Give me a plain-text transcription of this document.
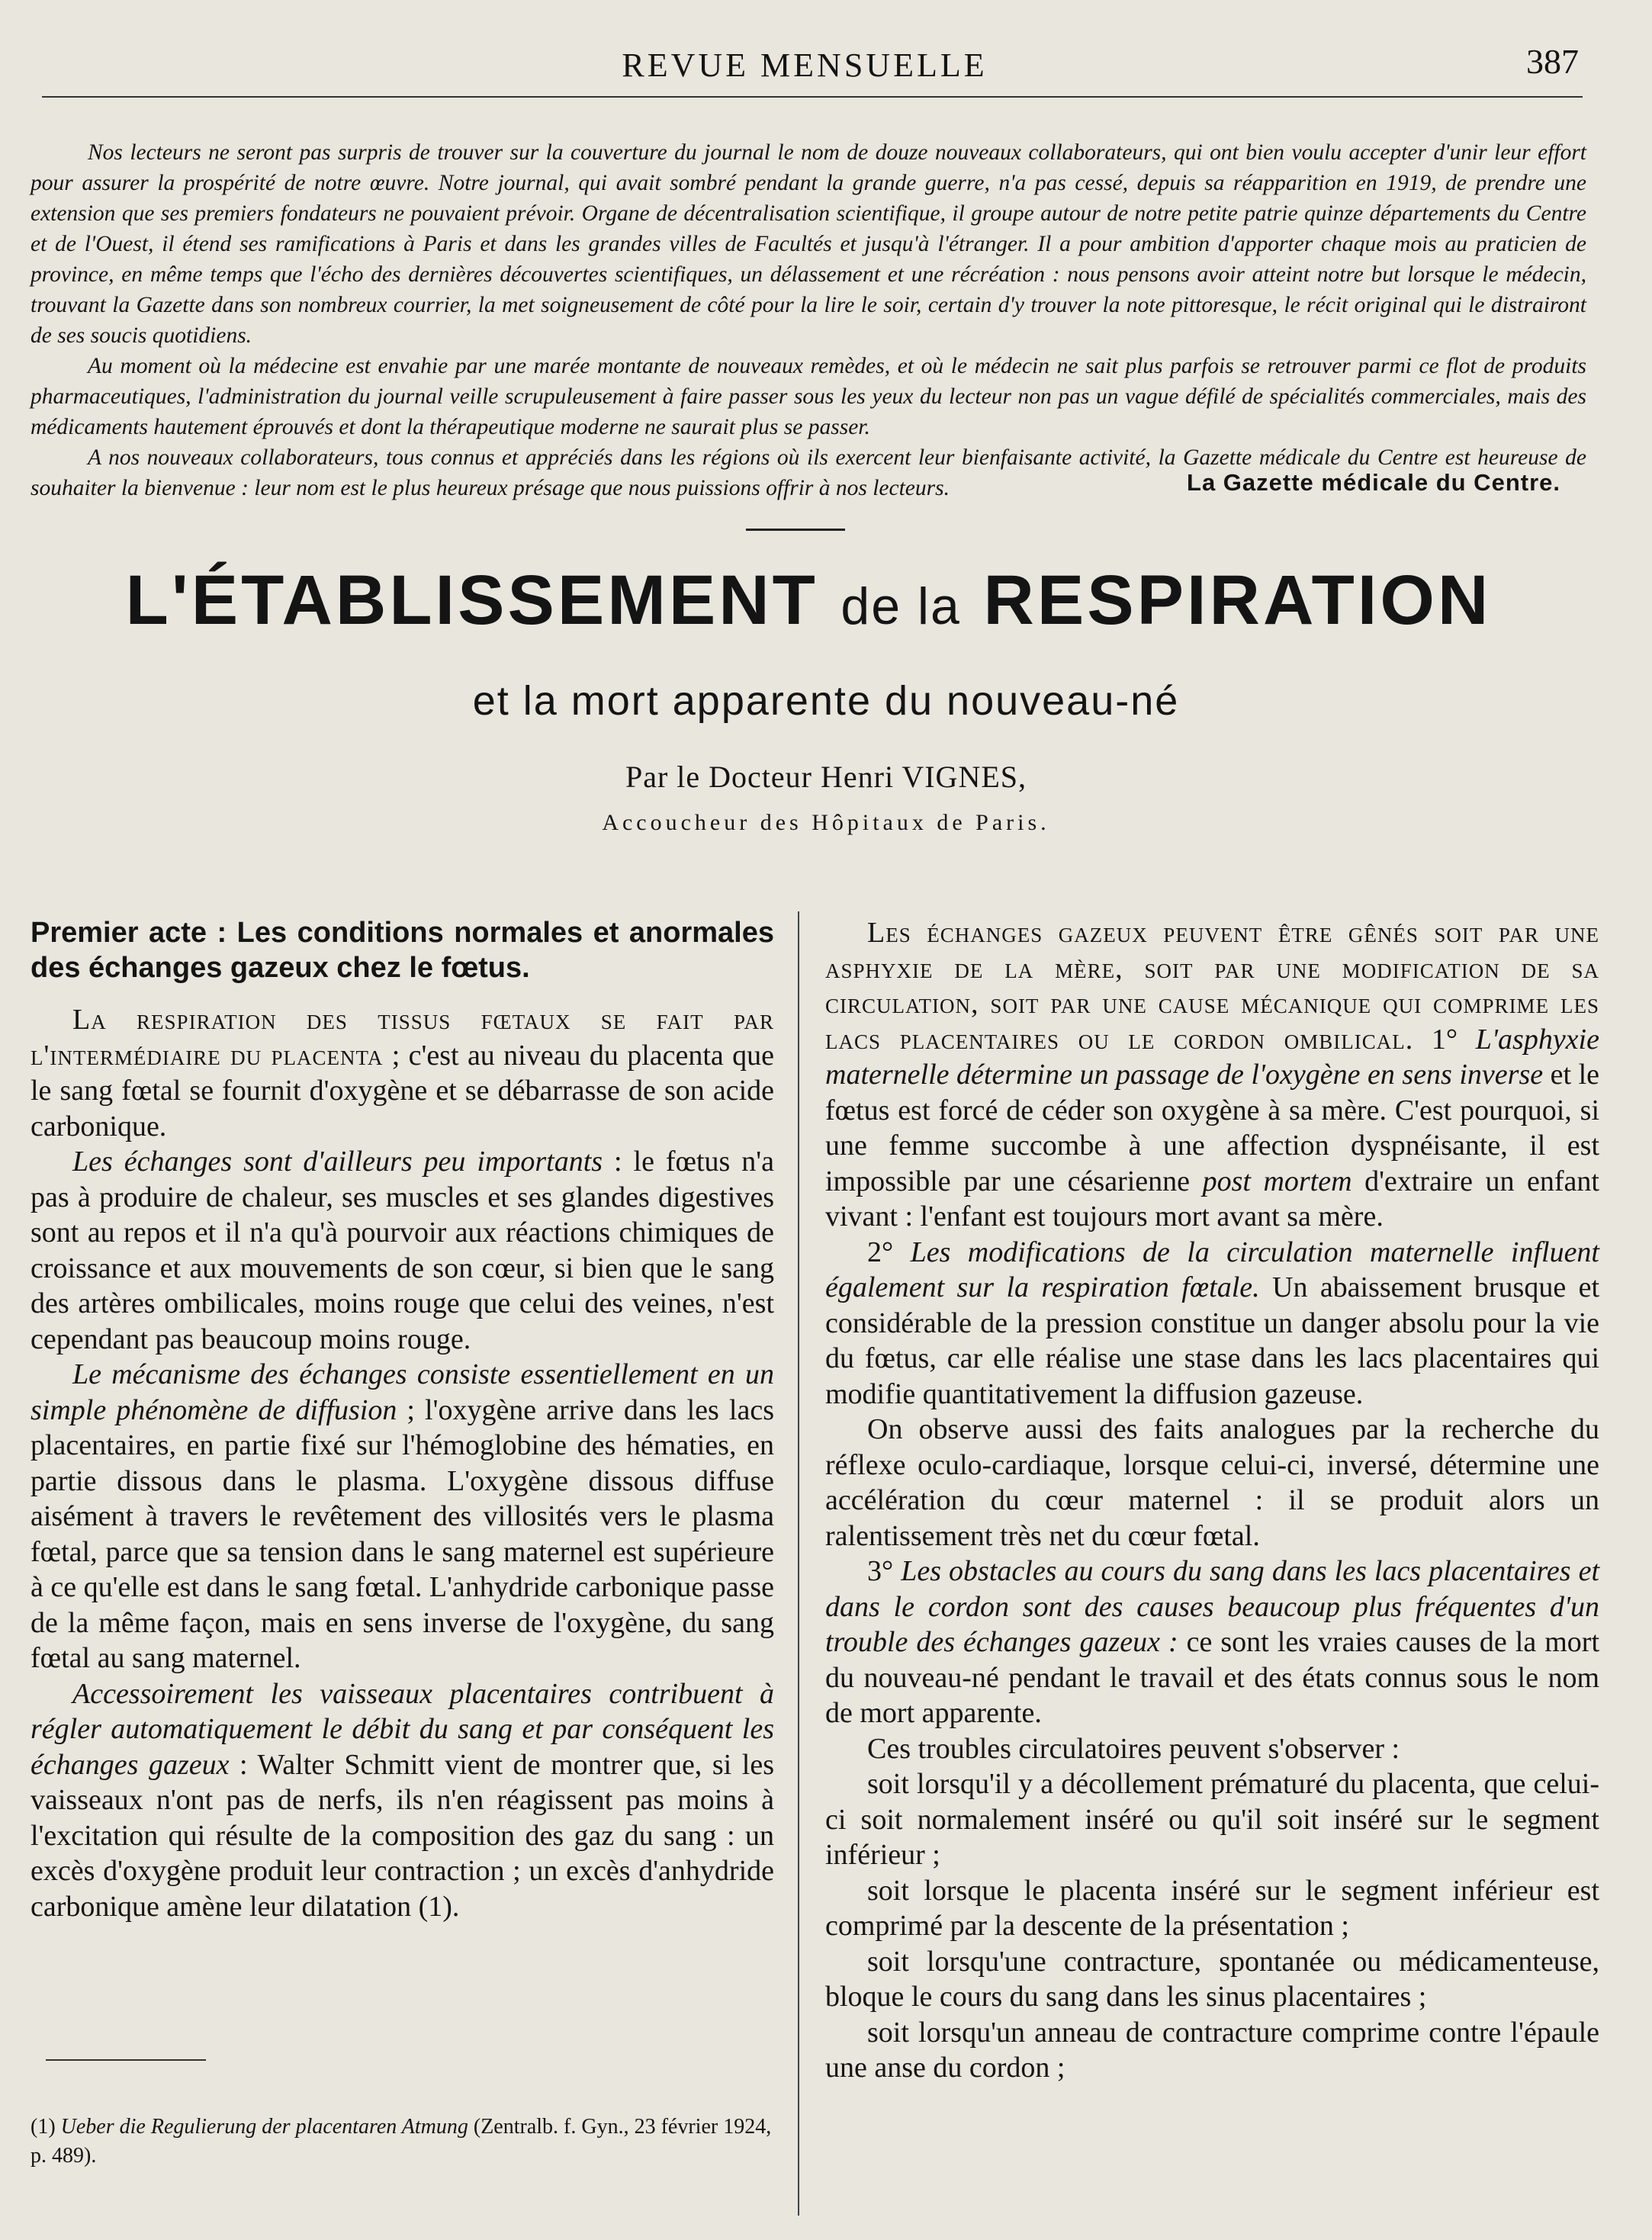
REVUE MENSUELLE	387

Nos lecteurs ne seront pas surpris de trouver sur la couverture du journal le nom de douze nouveaux collaborateurs, qui ont bien voulu accepter d'unir leur effort pour assurer la prospérité de notre œuvre. Notre journal, qui avait sombré pendant la grande guerre, n'a pas cessé, depuis sa réapparition en 1919, de prendre une extension que ses premiers fondateurs ne pouvaient prévoir. Organe de décentralisation scientifique, il groupe autour de notre petite patrie quinze départements du Centre et de l'Ouest, il étend ses ramifications à Paris et dans les grandes villes de Facultés et jusqu'à l'étranger. Il a pour ambition d'apporter chaque mois au praticien de province, en même temps que l'écho des dernières découvertes scientifiques, un délassement et une récréation : nous pensons avoir atteint notre but lorsque le médecin, trouvant la Gazette dans son nombreux courrier, la met soigneusement de côté pour la lire le soir, certain d'y trouver la note pittoresque, le récit original qui le distrairont de ses soucis quotidiens.

Au moment où la médecine est envahie par une marée montante de nouveaux remèdes, et où le médecin ne sait plus parfois se retrouver parmi ce flot de produits pharmaceutiques, l'administration du journal veille scrupuleusement à faire passer sous les yeux du lecteur non pas un vague défilé de spécialités commerciales, mais des médicaments hautement éprouvés et dont la thérapeutique moderne ne saurait plus se passer.

A nos nouveaux collaborateurs, tous connus et appréciés dans les régions où ils exercent leur bienfaisante activité, la Gazette médicale du Centre est heureuse de souhaiter la bienvenue : leur nom est le plus heureux présage que nous puissions offrir à nos lecteurs.	La Gazette médicale du Centre.
L'ÉTABLISSEMENT de la RESPIRATION
et la mort apparente du nouveau-né
Par le Docteur Henri VIGNES,
Accoucheur des Hôpitaux de Paris.

Premier acte : Les conditions normales et anormales des échanges gazeux chez le fœtus.

La respiration des tissus fœtaux se fait par l'intermédiaire du placenta ; c'est au niveau du placenta que le sang fœtal se fournit d'oxygène et se débarrasse de son acide carbonique.

Les échanges sont d'ailleurs peu importants : le fœtus n'a pas à produire de chaleur, ses muscles et ses glandes digestives sont au repos et il n'a qu'à pourvoir aux réactions chimiques de croissance et aux mouvements de son cœur, si bien que le sang des artères ombilicales, moins rouge que celui des veines, n'est cependant pas beaucoup moins rouge.

Le mécanisme des échanges consiste essentiellement en un simple phénomène de diffusion ; l'oxygène arrive dans les lacs placentaires, en partie fixé sur l'hémoglobine des hématies, en partie dissous dans le plasma. L'oxygène dissous diffuse aisément à travers le revêtement des villosités vers le plasma fœtal, parce que sa tension dans le sang maternel est supérieure à ce qu'elle est dans le sang fœtal. L'anhydride carbonique passe de la même façon, mais en sens inverse de l'oxygène, du sang fœtal au sang maternel.

Accessoirement les vaisseaux placentaires contribuent à régler automatiquement le débit du sang et par conséquent les échanges gazeux : Walter Schmitt vient de montrer que, si les vaisseaux n'ont pas de nerfs, ils n'en réagissent pas moins à l'excitation qui résulte de la composition des gaz du sang : un excès d'oxygène produit leur contraction ; un excès d'anhydride carbonique amène leur dilatation (1).

(1) Ueber die Regulierung der placentaren Atmung (Zentralb. f. Gyn., 23 février 1924, p. 489).

Les échanges gazeux peuvent être gênés soit par une asphyxie de la mère, soit par une modification de sa circulation, soit par une cause mécanique qui comprime les lacs placentaires ou le cordon ombilical. 1° L'asphyxie maternelle détermine un passage de l'oxygène en sens inverse et le fœtus est forcé de céder son oxygène à sa mère. C'est pourquoi, si une femme succombe à une affection dyspnéisante, il est impossible par une césarienne post mortem d'extraire un enfant vivant : l'enfant est toujours mort avant sa mère.

2° Les modifications de la circulation maternelle influent également sur la respiration fœtale. Un abaissement brusque et considérable de la pression constitue un danger absolu pour la vie du fœtus, car elle réalise une stase dans les lacs placentaires qui modifie quantitativement la diffusion gazeuse.

On observe aussi des faits analogues par la recherche du réflexe oculo-cardiaque, lorsque celui-ci, inversé, détermine une accélération du cœur maternel : il se produit alors un ralentissement très net du cœur fœtal.

3° Les obstacles au cours du sang dans les lacs placentaires et dans le cordon sont des causes beaucoup plus fréquentes d'un trouble des échanges gazeux : ce sont les vraies causes de la mort du nouveau-né pendant le travail et des états connus sous le nom de mort apparente.

Ces troubles circulatoires peuvent s'observer :

soit lorsqu'il y a décollement prématuré du placenta, que celui-ci soit normalement inséré ou qu'il soit inséré sur le segment inférieur ;

soit lorsque le placenta inséré sur le segment inférieur est comprimé par la descente de la présentation ;

soit lorsqu'une contracture, spontanée ou médicamenteuse, bloque le cours du sang dans les sinus placentaires ;

soit lorsqu'un anneau de contracture comprime contre l'épaule une anse du cordon ;
